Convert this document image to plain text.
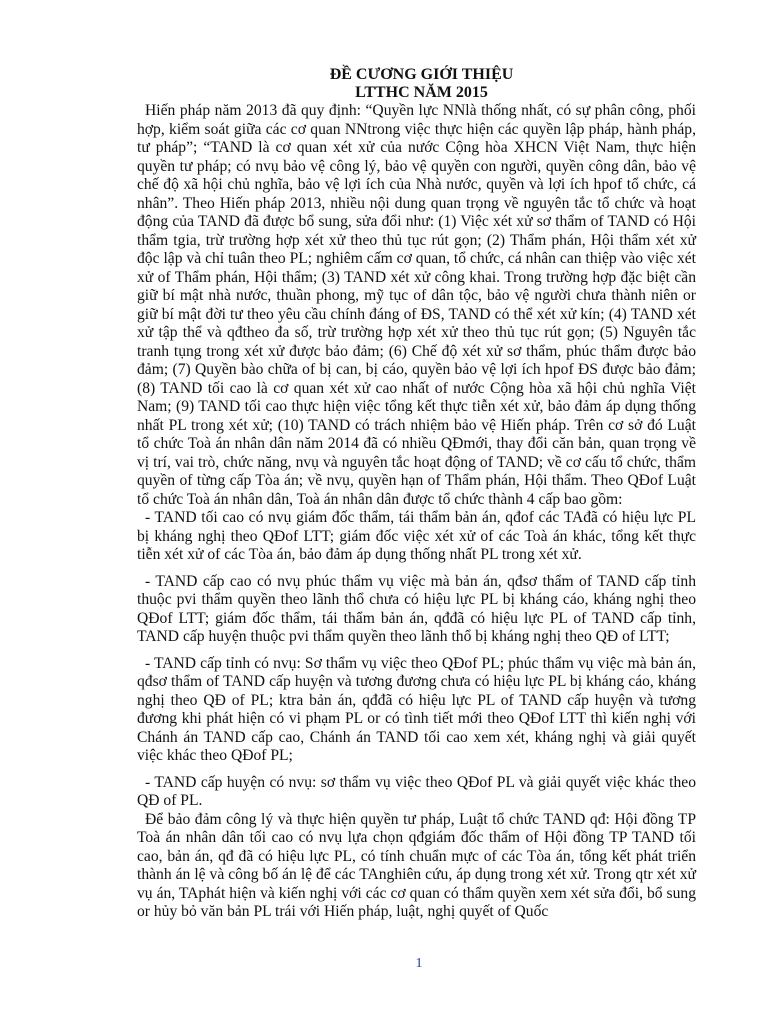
ĐỀ CƯƠNG GIỚI THIỆU
LTTHC NĂM 2015

Hiến pháp năm 2013 đã quy định: “Quyền lực NNlà thống nhất, có sự phân công, phối hợp, kiểm soát giữa các cơ quan NNtrong việc thực hiện các quyền lập pháp, hành pháp, tư pháp”; “TAND là cơ quan xét xử của nước Cộng hòa XHCN Việt Nam, thực hiện quyền tư pháp; có nvụ bảo vệ công lý, bảo vệ quyền con người, quyền công dân, bảo vệ chế độ xã hội chủ nghĩa, bảo vệ lợi ích của Nhà nước, quyền và lợi ích hpof tổ chức, cá nhân”. Theo Hiến pháp 2013, nhiều nội dung quan trọng về nguyên tắc tổ chức và hoạt động của TAND đã được bổ sung, sửa đổi như: (1) Việc xét xử sơ thẩm of TAND có Hội thẩm tgia, trừ trường hợp xét xử theo thủ tục rút gọn; (2) Thẩm phán, Hội thẩm xét xử độc lập và chỉ tuân theo PL; nghiêm cấm cơ quan, tổ chức, cá nhân can thiệp vào việc xét xử of Thẩm phán, Hội thẩm; (3) TAND xét xử công khai. Trong trường hợp đặc biệt cần giữ bí mật nhà nước, thuần phong, mỹ tục of dân tộc, bảo vệ người chưa thành niên or giữ bí mật đời tư theo yêu cầu chính đáng of ĐS, TAND có thể xét xử kín; (4) TAND xét xử tập thể và qđtheo đa số, trừ trường hợp xét xử theo thủ tục rút gọn; (5) Nguyên tắc tranh tụng trong xét xử được bảo đảm; (6) Chế độ xét xử sơ thẩm, phúc thẩm được bảo đảm; (7) Quyền bào chữa of bị can, bị cáo, quyền bảo vệ lợi ích hpof ĐS được bảo đảm; (8) TAND tối cao là cơ quan xét xử cao nhất of nước Cộng hòa xã hội chủ nghĩa Việt Nam; (9) TAND tối cao thực hiện việc tổng kết thực tiễn xét xử, bảo đảm áp dụng thống nhất PL trong xét xử; (10) TAND có trách nhiệm bảo vệ Hiến pháp. Trên cơ sở đó Luật tổ chức Toà án nhân dân năm 2014 đã có nhiều QĐmới, thay đổi căn bản, quan trọng về vị trí, vai trò, chức năng, nvụ và nguyên tắc hoạt động of TAND; về cơ cấu tổ chức, thẩm quyền of từng cấp Tòa án; về nvụ, quyền hạn of Thẩm phán, Hội thẩm. Theo QĐof Luật tổ chức Toà án nhân dân, Toà án nhân dân được tổ chức thành 4 cấp bao gồm:

- TAND tối cao có nvụ giám đốc thẩm, tái thẩm bản án, qđof các TAđã có hiệu lực PL bị kháng nghị theo QĐof LTT; giám đốc việc xét xử of các Toà án khác, tổng kết thực tiễn xét xử of các Tòa án, bảo đảm áp dụng thống nhất PL trong xét xử.

- TAND cấp cao có nvụ phúc thẩm vụ việc mà bản án, qđsơ thẩm of TAND cấp tỉnh thuộc pvi thẩm quyền theo lãnh thổ chưa có hiệu lực PL bị kháng cáo, kháng nghị theo QĐof LTT; giám đốc thẩm, tái thẩm bản án, qđđã có hiệu lực PL of TAND cấp tỉnh, TAND cấp huyện thuộc pvi thẩm quyền theo lãnh thổ bị kháng nghị theo QĐ of LTT;

- TAND cấp tỉnh có nvụ: Sơ thẩm vụ việc theo QĐof PL; phúc thẩm vụ việc mà bản án, qđsơ thẩm of TAND cấp huyện và tương đương chưa có hiệu lực PL bị kháng cáo, kháng nghị theo QĐ of PL; ktra bản án, qđđã có hiệu lực PL of TAND cấp huyện và tương đương khi phát hiện có vi phạm PL or có tình tiết mới theo QĐof LTT thì kiến nghị với Chánh án TAND cấp cao, Chánh án TAND tối cao xem xét, kháng nghị và giải quyết việc khác theo QĐof PL;

- TAND cấp huyện có nvụ: sơ thẩm vụ việc theo QĐof PL và giải quyết việc khác theo QĐ of PL.

Để bảo đảm công lý và thực hiện quyền tư pháp, Luật tổ chức TAND qđ: Hội đồng TP Toà án nhân dân tối cao có nvụ lựa chọn qđgiám đốc thẩm of Hội đồng TP TAND tối cao, bản án, qđ đã có hiệu lực PL, có tính chuẩn mực of các Tòa án, tổng kết phát triển thành án lệ và công bố án lệ để các TAnghiên cứu, áp dụng trong xét xử. Trong qtr xét xử vụ án, TAphát hiện và kiến nghị với các cơ quan có thẩm quyền xem xét sửa đổi, bổ sung or hủy bỏ văn bản PL trái với Hiến pháp, luật, nghị quyết of Quốc

1
